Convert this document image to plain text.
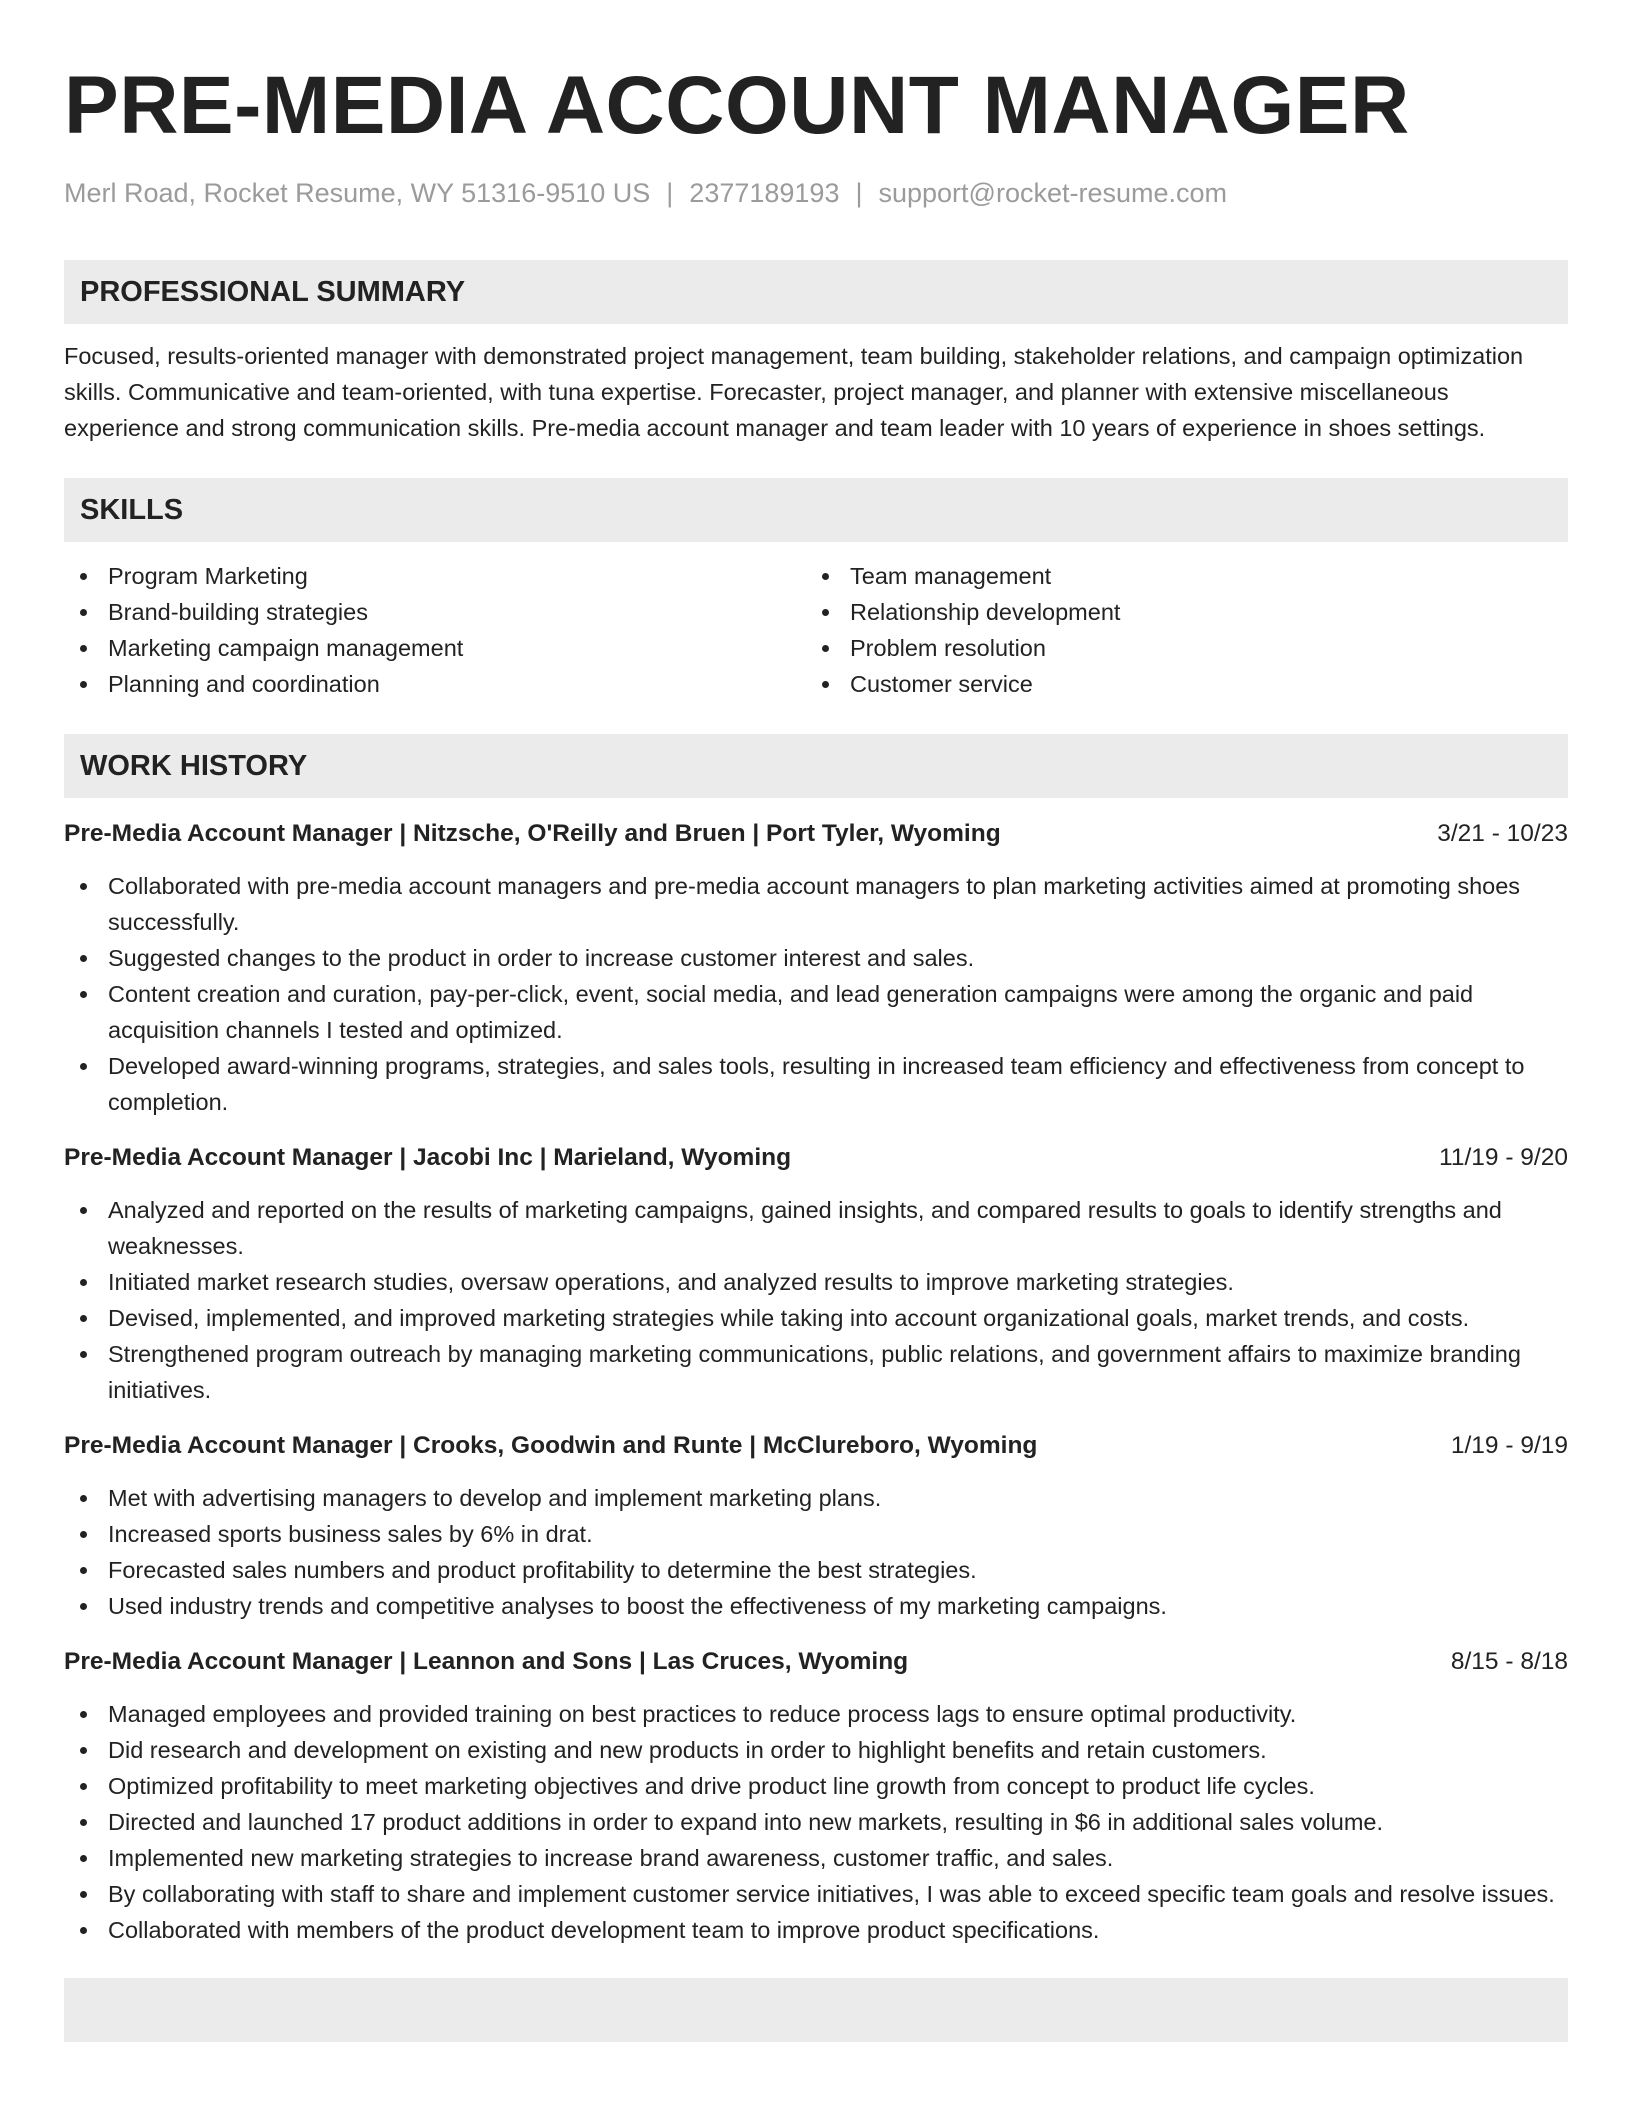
PRE-MEDIA ACCOUNT MANAGER
Merl Road, Rocket Resume, WY 51316-9510 US | 2377189193 | support@rocket-resume.com
PROFESSIONAL SUMMARY

Focused, results-oriented manager with demonstrated project management, team building, stakeholder relations, and campaign optimization skills. Communicative and team-oriented, with tuna expertise. Forecaster, project manager, and planner with extensive miscellaneous experience and strong communication skills. Pre-media account manager and team leader with 10 years of experience in shoes settings.

SKILLS
Program Marketing
Brand-building strategies
Marketing campaign management
Planning and coordination
Team management
Relationship development
Problem resolution
Customer service
WORK HISTORY
Pre-Media Account Manager | Nitzsche, O'Reilly and Bruen | Port Tyler, Wyoming	3/21 - 10/23
Collaborated with pre-media account managers and pre-media account managers to plan marketing activities aimed at promoting shoes successfully.
Suggested changes to the product in order to increase customer interest and sales.
Content creation and curation, pay-per-click, event, social media, and lead generation campaigns were among the organic and paid acquisition channels I tested and optimized.
Developed award-winning programs, strategies, and sales tools, resulting in increased team efficiency and effectiveness from concept to completion.
Pre-Media Account Manager | Jacobi Inc | Marieland, Wyoming	11/19 - 9/20
Analyzed and reported on the results of marketing campaigns, gained insights, and compared results to goals to identify strengths and weaknesses.
Initiated market research studies, oversaw operations, and analyzed results to improve marketing strategies.
Devised, implemented, and improved marketing strategies while taking into account organizational goals, market trends, and costs.
Strengthened program outreach by managing marketing communications, public relations, and government affairs to maximize branding initiatives.
Pre-Media Account Manager | Crooks, Goodwin and Runte | McClureboro, Wyoming	1/19 - 9/19
Met with advertising managers to develop and implement marketing plans.
Increased sports business sales by 6% in drat.
Forecasted sales numbers and product profitability to determine the best strategies.
Used industry trends and competitive analyses to boost the effectiveness of my marketing campaigns.
Pre-Media Account Manager | Leannon and Sons | Las Cruces, Wyoming	8/15 - 8/18
Managed employees and provided training on best practices to reduce process lags to ensure optimal productivity.
Did research and development on existing and new products in order to highlight benefits and retain customers.
Optimized profitability to meet marketing objectives and drive product line growth from concept to product life cycles.
Directed and launched 17 product additions in order to expand into new markets, resulting in $6 in additional sales volume.
Implemented new marketing strategies to increase brand awareness, customer traffic, and sales.
By collaborating with staff to share and implement customer service initiatives, I was able to exceed specific team goals and resolve issues.
Collaborated with members of the product development team to improve product specifications.
